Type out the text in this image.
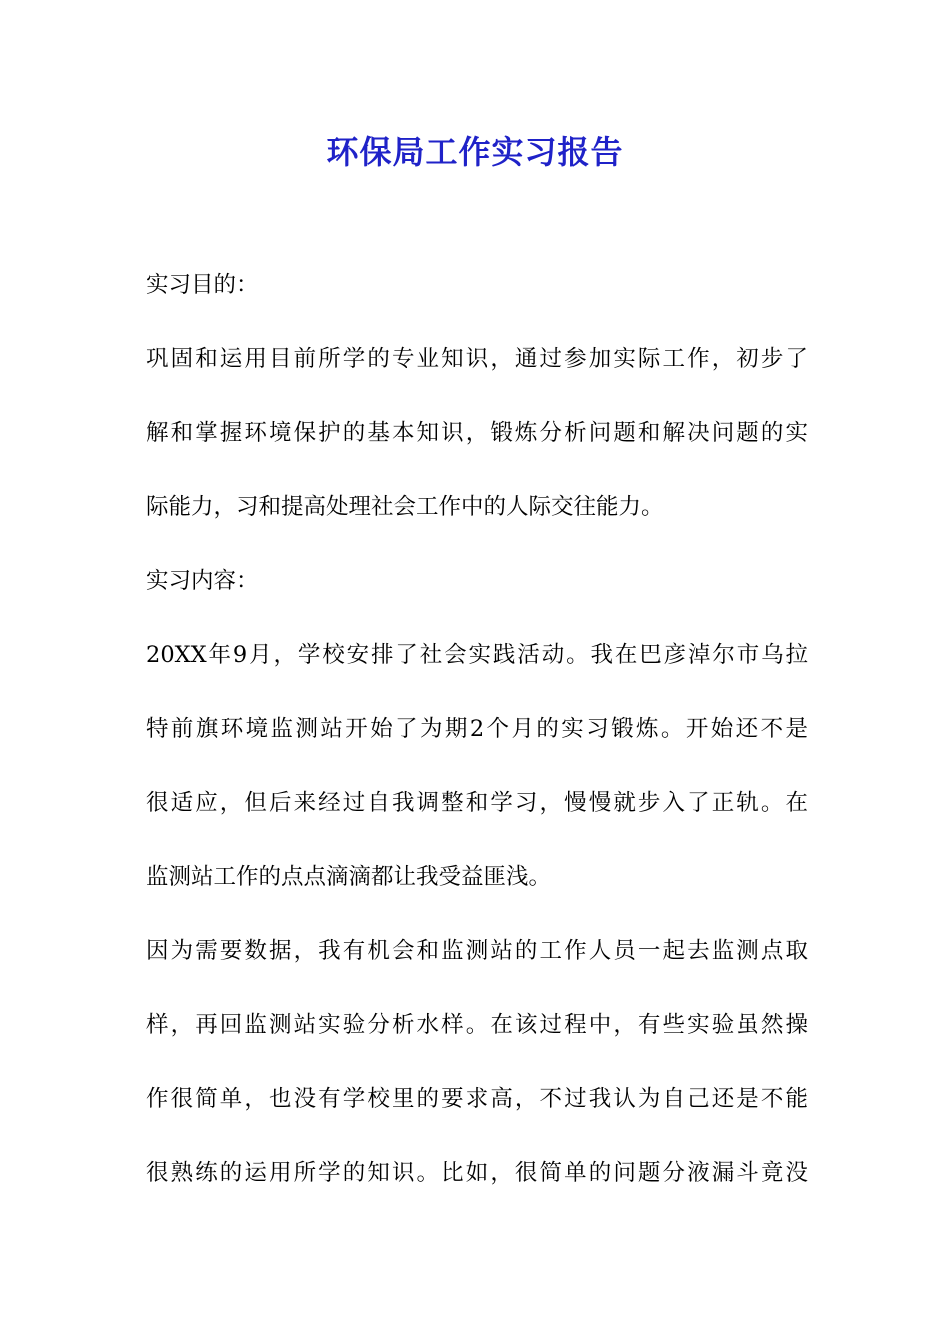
环保局工作实习报告
实习目的：
巩固和运用目前所学的专业知识，通过参加实际工作，初步了
解和掌握环境保护的基本知识，锻炼分析问题和解决问题的实
际能力，习和提高处理社会工作中的人际交往能力。
实习内容：
20XX年9月，学校安排了社会实践活动。我在巴彦淖尔市乌拉
特前旗环境监测站开始了为期2个月的实习锻炼。开始还不是
很适应，但后来经过自我调整和学习，慢慢就步入了正轨。在
监测站工作的点点滴滴都让我受益匪浅。
因为需要数据，我有机会和监测站的工作人员一起去监测点取
样，再回监测站实验分析水样。在该过程中，有些实验虽然操
作很简单，也没有学校里的要求高，不过我认为自己还是不能
很熟练的运用所学的知识。比如，很简单的问题分液漏斗竟没
